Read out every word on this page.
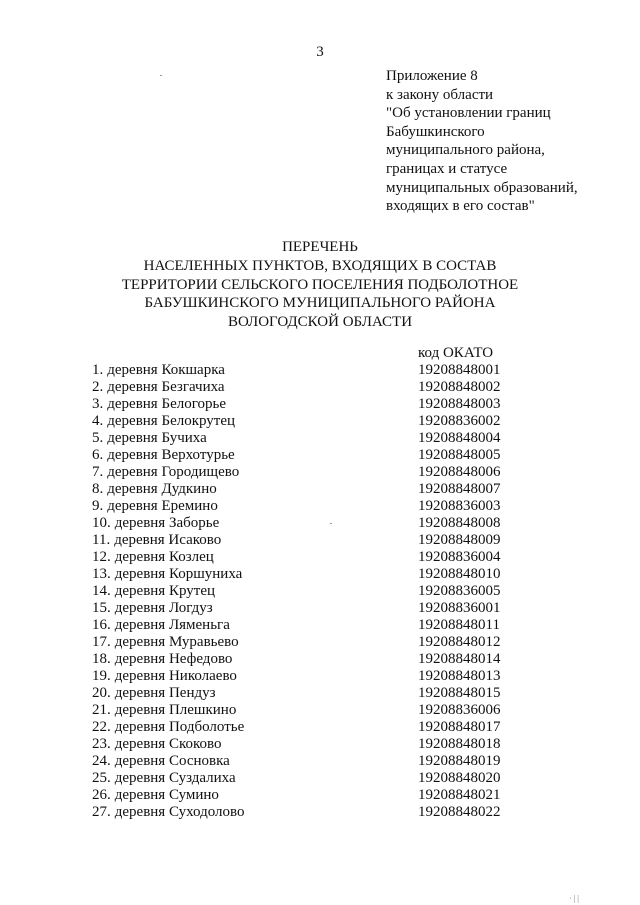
3
Приложение 8
к закону области
"Об установлении границ
Бабушкинского
муниципального района,
границах и статусе
муниципальных образований,
входящих в его состав"
ПЕРЕЧЕНЬ
НАСЕЛЕННЫХ ПУНКТОВ, ВХОДЯЩИХ В СОСТАВ
ТЕРРИТОРИИ СЕЛЬСКОГО ПОСЕЛЕНИЯ ПОДБОЛОТНОЕ
БАБУШКИНСКОГО МУНИЦИПАЛЬНОГО РАЙОНА
ВОЛОГОДСКОЙ ОБЛАСТИ
код ОКАТО
1. деревня Кокшарка	19208848001
2. деревня Безгачиха	19208848002
3. деревня Белогорье	19208848003
4. деревня Белокрутец	19208836002
5. деревня Бучиха	19208848004
6. деревня Верхотурье	19208848005
7. деревня Городищево	19208848006
8. деревня Дудкино	19208848007
9. деревня Еремино	19208836003
10. деревня Заборье	19208848008
11. деревня Исаково	19208848009
12. деревня Козлец	19208836004
13. деревня Коршуниха	19208848010
14. деревня Крутец	19208836005
15. деревня Логдуз	19208836001
16. деревня Ляменьга	19208848011
17. деревня Муравьево	19208848012
18. деревня Нефедово	19208848014
19. деревня Николаево	19208848013
20. деревня Пендуз	19208848015
21. деревня Плешкино	19208836006
22. деревня Подболотье	19208848017
23. деревня Скоково	19208848018
24. деревня Сосновка	19208848019
25. деревня Суздалиха	19208848020
26. деревня Сумино	19208848021
27. деревня Суходолово	19208848022
· | |
